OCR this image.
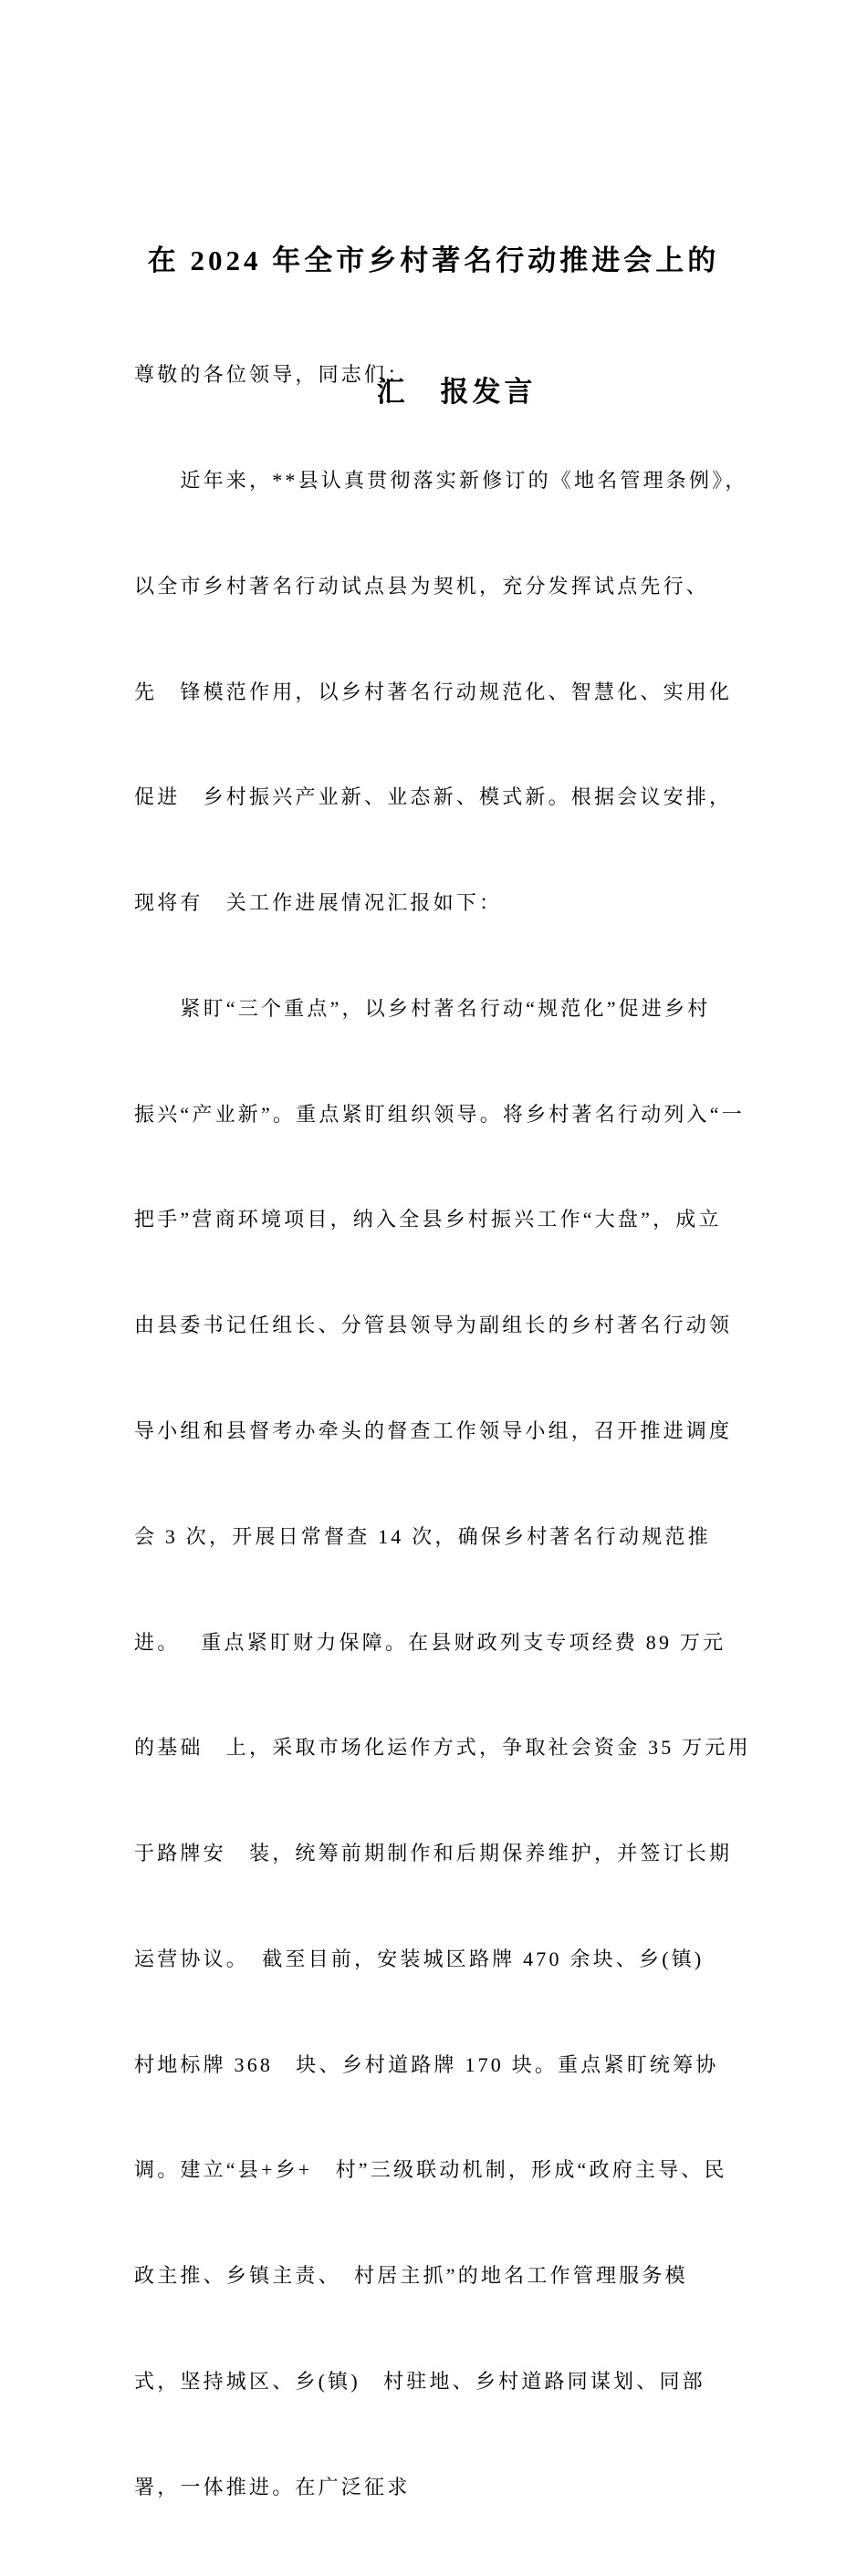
在 2024 年全市乡村著名行动推进会上的

汇　报发言

尊敬的各位领导，同志们：

　　近年来，**县认真贯彻落实新修订的《地名管理条例》，

以全市乡村著名行动试点县为契机，充分发挥试点先行、

先　锋模范作用，以乡村著名行动规范化、智慧化、实用化

促进　乡村振兴产业新、业态新、模式新。根据会议安排，

现将有　关工作进展情况汇报如下：

　　紧盯“三个重点”，以乡村著名行动“规范化”促进乡村

振兴“产业新”。重点紧盯组织领导。将乡村著名行动列入“一

把手”营商环境项目，纳入全县乡村振兴工作“大盘”，成立

由县委书记任组长、分管县领导为副组长的乡村著名行动领

导小组和县督考办牵头的督查工作领导小组，召开推进调度

会 3 次，开展日常督查 14 次，确保乡村著名行动规范推

进。　 重点紧盯财力保障。在县财政列支专项经费 89 万元

的基础　上，采取市场化运作方式，争取社会资金 35 万元用

于路牌安　装，统筹前期制作和后期保养维护，并签订长期

运营协议。　截至目前，安装城区路牌 470 余块、乡(镇)

村地标牌 368　块、乡村道路牌 170 块。重点紧盯统筹协

调。建立“县+乡+　村”三级联动机制，形成“政府主导、民

政主推、乡镇主责、　村居主抓”的地名工作管理服务模

式，坚持城区、乡(镇)　村驻地、乡村道路同谋划、同部

署，一体推进。在广泛征求
